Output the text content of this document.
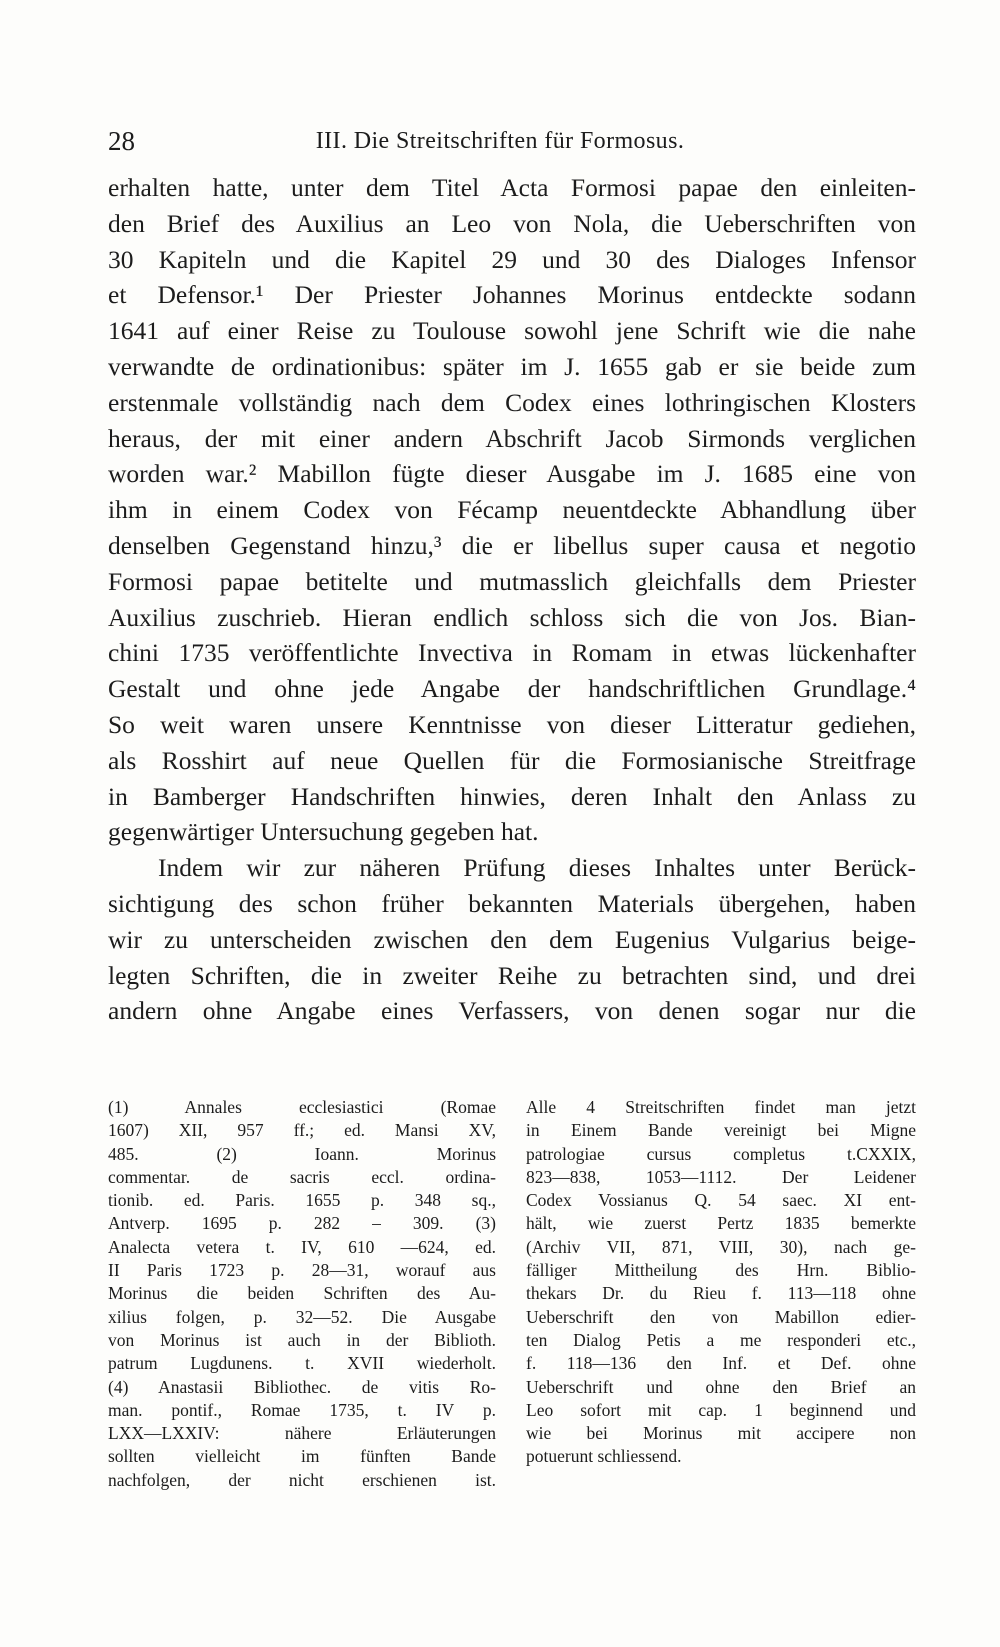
28	III. Die Streitschriften für Formosus.
erhalten hatte, unter dem Titel Acta Formosi papae den einleiten-
den Brief des Auxilius an Leo von Nola, die Ueberschriften von
30 Kapiteln und die Kapitel 29 und 30 des Dialoges Infensor
et Defensor.¹ Der Priester Johannes Morinus entdeckte sodann
1641 auf einer Reise zu Toulouse sowohl jene Schrift wie die nahe
verwandte de ordinationibus: später im J. 1655 gab er sie beide zum
erstenmale vollständig nach dem Codex eines lothringischen Klosters
heraus, der mit einer andern Abschrift Jacob Sirmonds verglichen
worden war.² Mabillon fügte dieser Ausgabe im J. 1685 eine von
ihm in einem Codex von Fécamp neuentdeckte Abhandlung über
denselben Gegenstand hinzu,³ die er libellus super causa et negotio
Formosi papae betitelte und mutmasslich gleichfalls dem Priester
Auxilius zuschrieb. Hieran endlich schloss sich die von Jos. Bian-
chini 1735 veröffentlichte Invectiva in Romam in etwas lückenhafter
Gestalt und ohne jede Angabe der handschriftlichen Grundlage.⁴
So weit waren unsere Kenntnisse von dieser Litteratur gediehen,
als Rosshirt auf neue Quellen für die Formosianische Streitfrage
in Bamberger Handschriften hinwies, deren Inhalt den Anlass zu
gegenwärtiger Untersuchung gegeben hat.
Indem wir zur näheren Prüfung dieses Inhaltes unter Berück-
sichtigung des schon früher bekannten Materials übergehen, haben
wir zu unterscheiden zwischen den dem Eugenius Vulgarius beige-
legten Schriften, die in zweiter Reihe zu betrachten sind, und drei
andern ohne Angabe eines Verfassers, von denen sogar nur die
(1) Annales ecclesiastici (Romae
1607) XII, 957 ff.; ed. Mansi XV,
485. (2) Ioann. Morinus
commentar. de sacris eccl. ordina-
tionib. ed. Paris. 1655 p. 348 sq.,
Antverp. 1695 p. 282 – 309. (3)
Analecta vetera t. IV, 610 —624, ed.
II Paris 1723 p. 28—31, worauf aus
Morinus die beiden Schriften des Au-
xilius folgen, p. 32—52. Die Ausgabe
von Morinus ist auch in der Biblioth.
patrum Lugdunens. t. XVII wiederholt.
(4) Anastasii Bibliothec. de vitis Ro-
man. pontif., Romae 1735, t. IV p.
LXX—LXXIV: nähere Erläuterungen
sollten vielleicht im fünften Bande
nachfolgen, der nicht erschienen ist.
Alle 4 Streitschriften findet man jetzt
in Einem Bande vereinigt bei Migne
patrologiae cursus completus t.CXXIX,
823—838, 1053—1112. Der Leidener
Codex Vossianus Q. 54 saec. XI ent-
hält, wie zuerst Pertz 1835 bemerkte
(Archiv VII, 871, VIII, 30), nach ge-
fälliger Mittheilung des Hrn. Biblio-
thekars Dr. du Rieu f. 113—118 ohne
Ueberschrift den von Mabillon edier-
ten Dialog Petis a me responderi etc.,
f. 118—136 den Inf. et Def. ohne
Ueberschrift und ohne den Brief an
Leo sofort mit cap. 1 beginnend und
wie bei Morinus mit accipere non
potuerunt schliessend.
